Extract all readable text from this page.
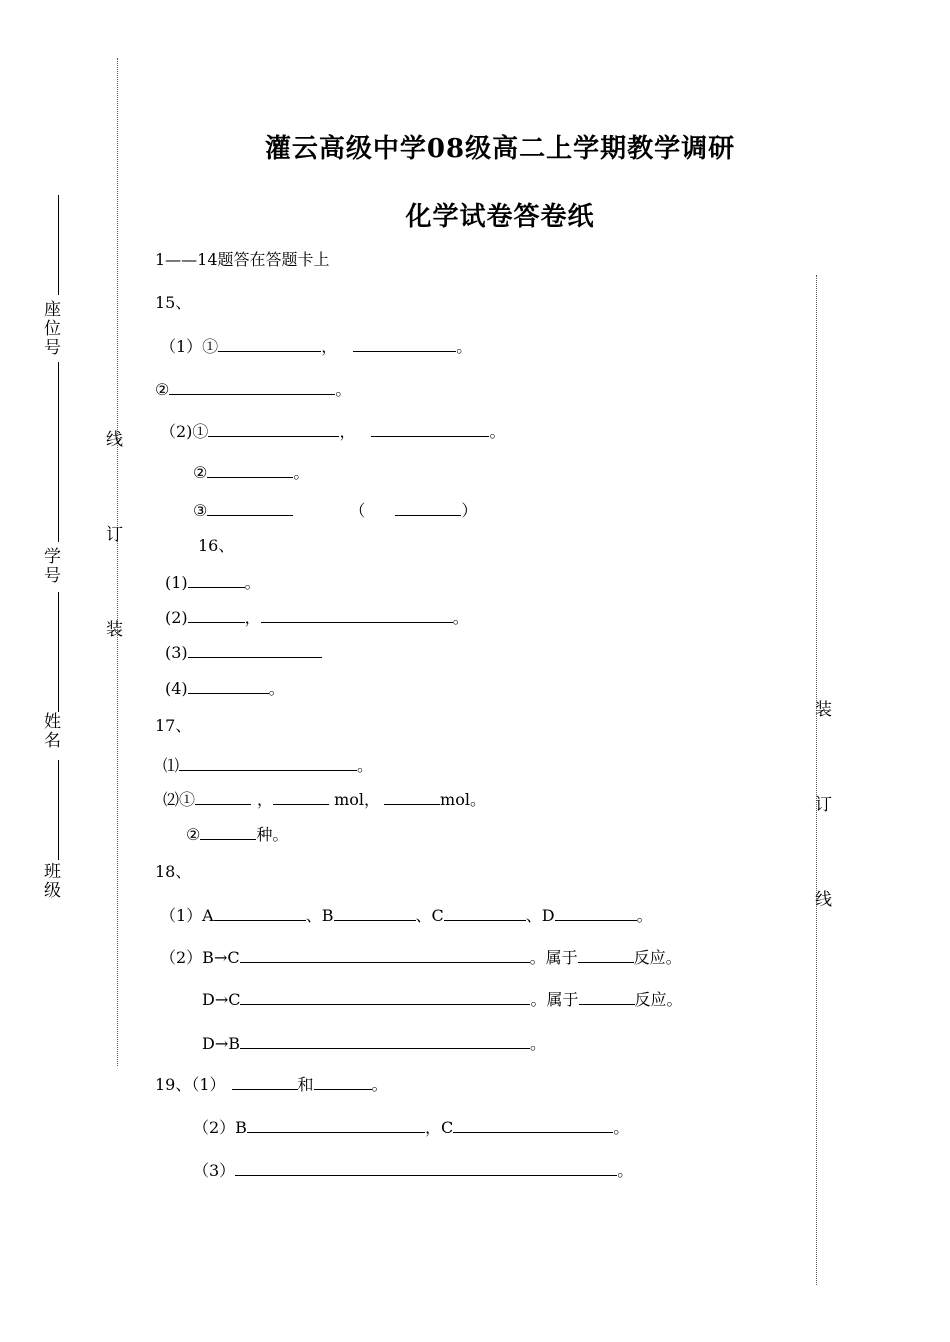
座位号
学号
姓名
班级
线
订
装
装
订
线
灌云高级中学08级高二上学期教学调研
化学试卷答卷纸
1——14题答在答题卡上
15、
（1）①	，	。
②	。
（2)①	，	。
②	。
③	（	）
16、
(1)	。
(2)	，	。
(3)
(4)	。
17、
⑴	。
⑵①	，	mol，	mol。
②	种。
18、
（1）A	、B	、C	、D	。
（2）B→C	。属于	反应。
D→C	。属于	反应。
D→B	。
19、（1）	和	。
（2）B	，C	。
（3）	。
